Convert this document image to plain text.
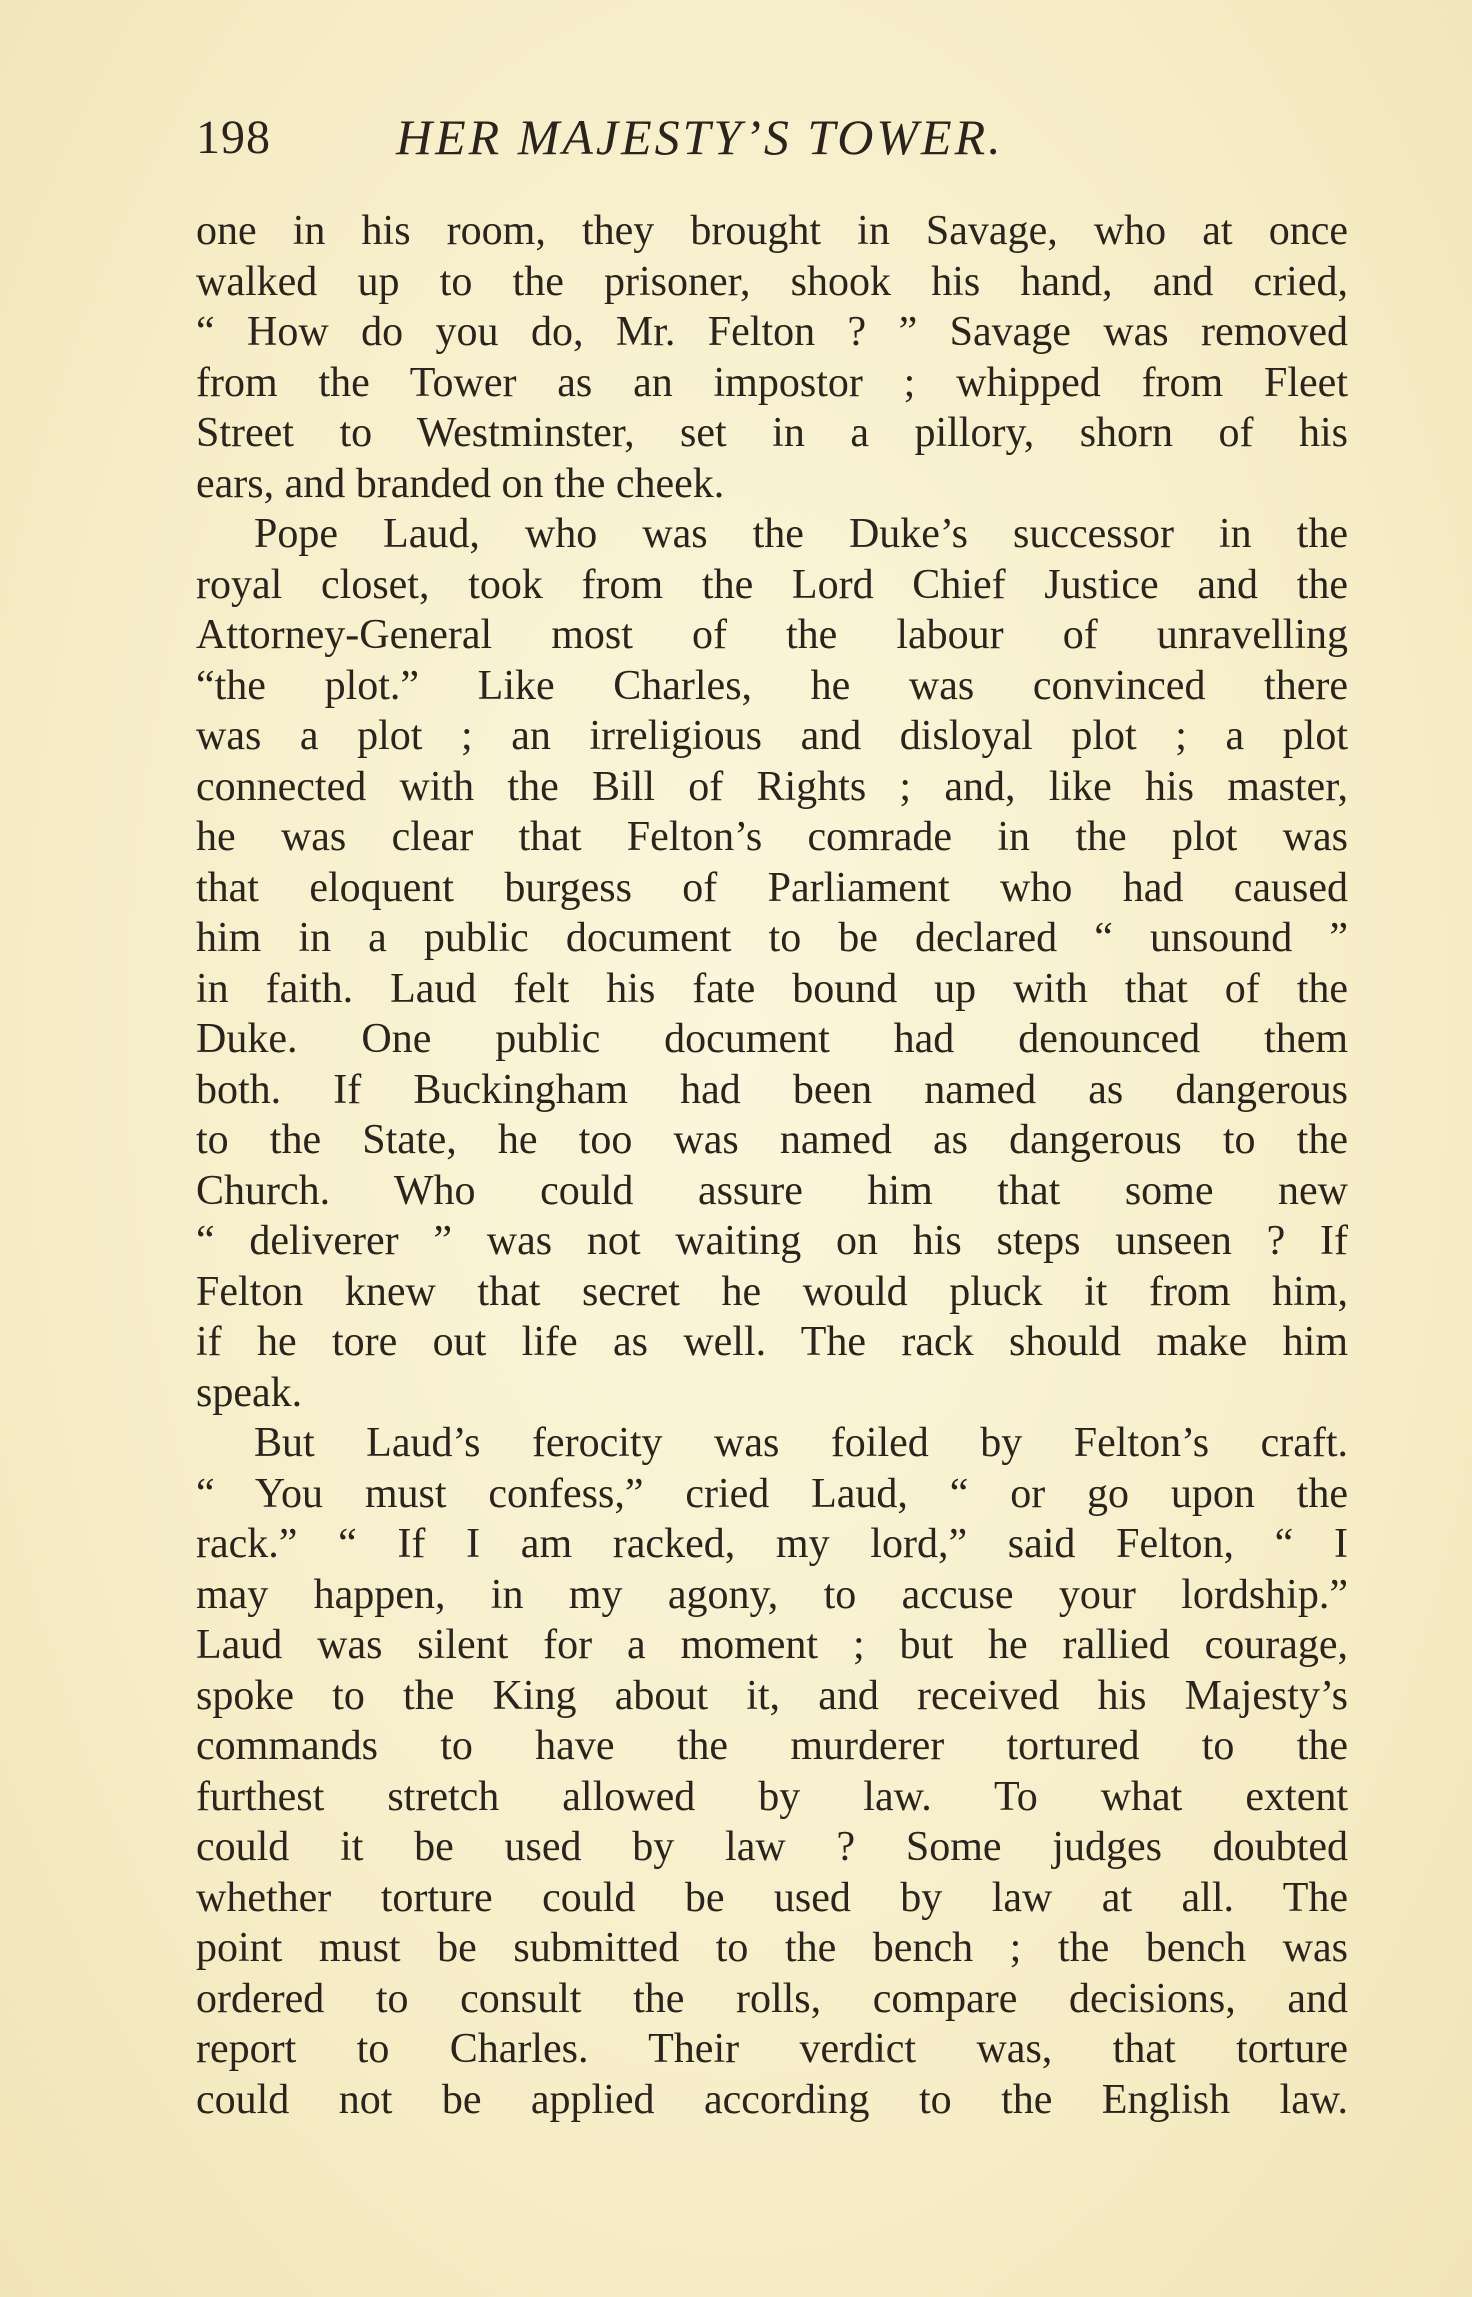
198	HER MAJESTY’S TOWER.
one in his room, they brought in Savage, who at once
walked up to the prisoner, shook his hand, and cried,
“ How do you do, Mr. Felton ? ” Savage was removed
from the Tower as an impostor ; whipped from Fleet
Street to Westminster, set in a pillory, shorn of his
ears, and branded on the cheek.
Pope Laud, who was the Duke’s successor in the
royal closet, took from the Lord Chief Justice and the
Attorney-General most of the labour of unravelling
“the plot.” Like Charles, he was convinced there
was a plot ; an irreligious and disloyal plot ; a plot
connected with the Bill of Rights ; and, like his master,
he was clear that Felton’s comrade in the plot was
that eloquent burgess of Parliament who had caused
him in a public document to be declared “ unsound ”
in faith. Laud felt his fate bound up with that of the
Duke. One public document had denounced them
both. If Buckingham had been named as dangerous
to the State, he too was named as dangerous to the
Church. Who could assure him that some new
“ deliverer ” was not waiting on his steps unseen ? If
Felton knew that secret he would pluck it from him,
if he tore out life as well. The rack should make him
speak.
But Laud’s ferocity was foiled by Felton’s craft.
“ You must confess,” cried Laud, “ or go upon the
rack.” “ If I am racked, my lord,” said Felton, “ I
may happen, in my agony, to accuse your lordship.”
Laud was silent for a moment ; but he rallied courage,
spoke to the King about it, and received his Majesty’s
commands to have the murderer tortured to the
furthest stretch allowed by law. To what extent
could it be used by law ? Some judges doubted
whether torture could be used by law at all. The
point must be submitted to the bench ; the bench was
ordered to consult the rolls, compare decisions, and
report to Charles. Their verdict was, that torture
could not be applied according to the English law.
